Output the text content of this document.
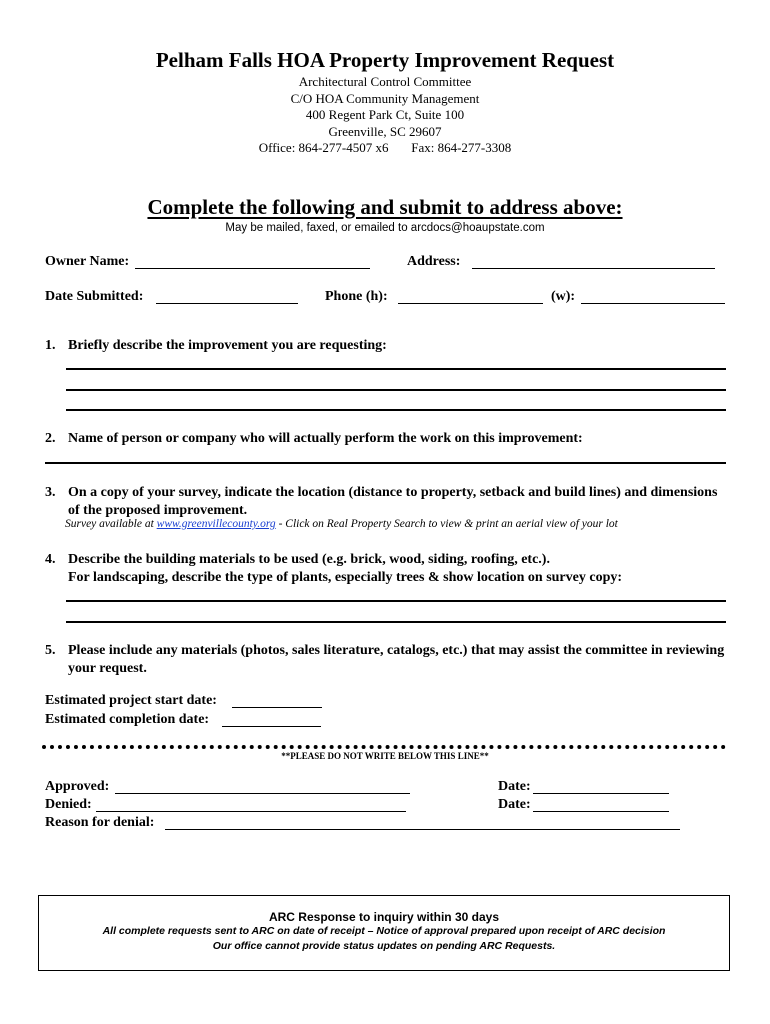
Pelham Falls HOA Property Improvement Request
Architectural Control Committee
C/O HOA Community Management
400 Regent Park Ct, Suite 100
Greenville, SC 29607
Office: 864-277-4507 x6 Fax: 864-277-3308
Complete the following and submit to address above:
May be mailed, faxed, or emailed to arcdocs@hoaupstate.com
Owner Name:	Address:
Date Submitted:	Phone (h):	(w):
1. Briefly describe the improvement you are requesting:
2. Name of person or company who will actually perform the work on this improvement:
3. On a copy of your survey, indicate the location (distance to property, setback and build lines) and dimensions of the proposed improvement.
Survey available at www.greenvillecounty.org - Click on Real Property Search to view & print an aerial view of your lot
4. Describe the building materials to be used (e.g. brick, wood, siding, roofing, etc.).
For landscaping, describe the type of plants, especially trees & show location on survey copy:
5. Please include any materials (photos, sales literature, catalogs, etc.) that may assist the committee in reviewing your request.
Estimated project start date:
Estimated completion date:
**PLEASE DO NOT WRITE BELOW THIS LINE**
Approved:	Date:
Denied:	Date:
Reason for denial:
ARC Response to inquiry within 30 days
All complete requests sent to ARC on date of receipt – Notice of approval prepared upon receipt of ARC decision
Our office cannot provide status updates on pending ARC Requests.
